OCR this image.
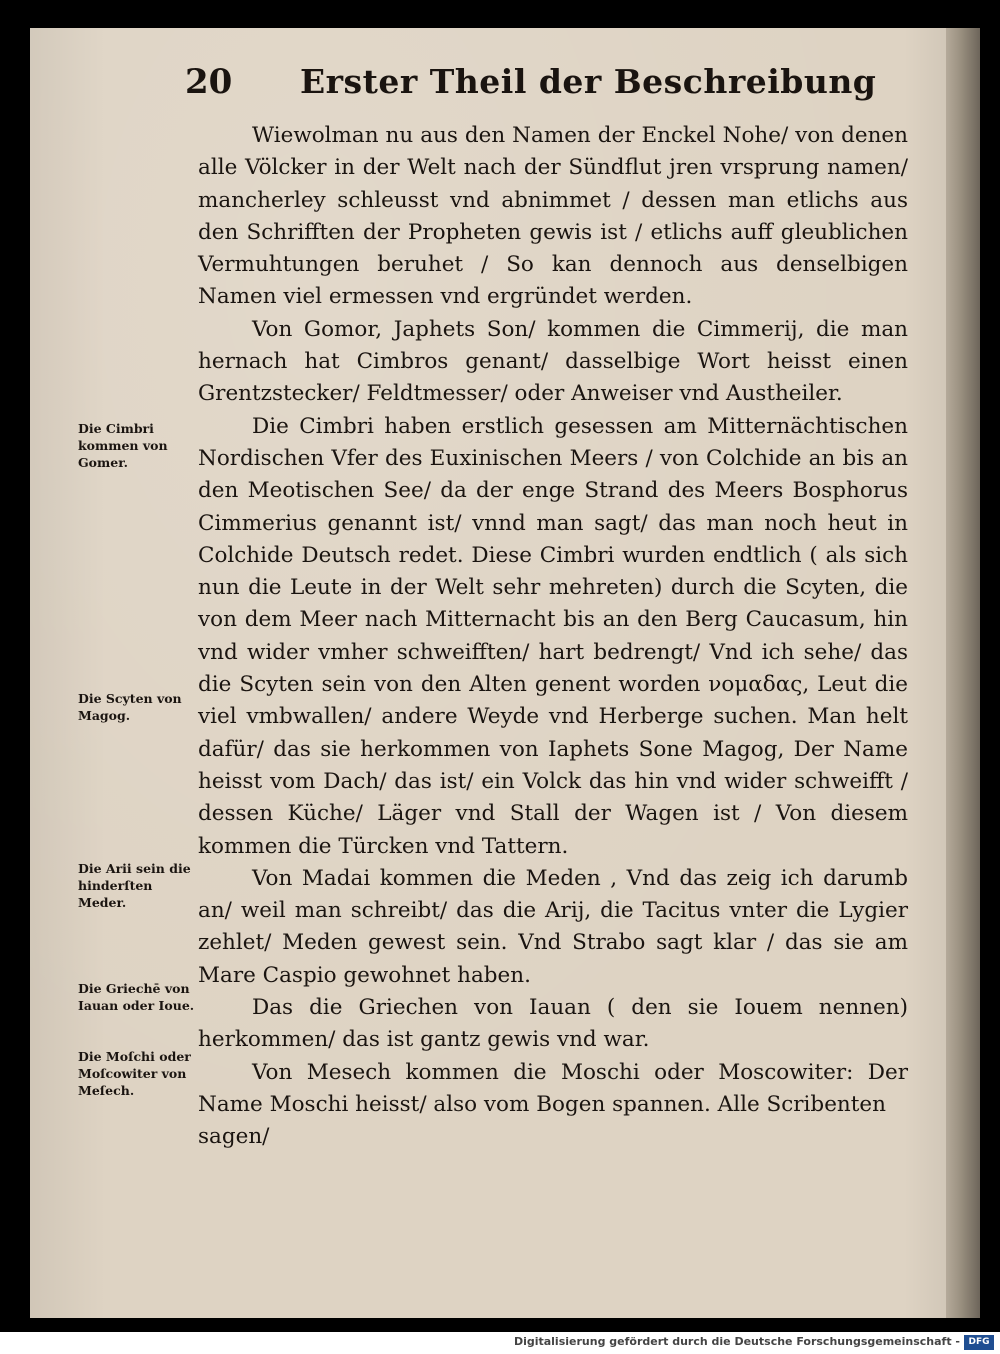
20 Erster Theil der Beschreibung

Wiewolman nu aus den Namen der Enckel Nohe/ von denen alle Völcker in der Welt nach der Sündflut jren vrsprung namen/ mancherley schleusst vnd abnimmet / dessen man etlichs aus den Schrifften der Propheten gewis ist / etlichs auff gleublichen Vermuhtungen beruhet / So kan dennoch aus denselbigen Namen viel ermessen vnd ergründet werden.

Von Gomor, Japhets Son/ kommen die Cimmerij, die man hernach hat Cimbros genant/ dasselbige Wort heisst einen Grentzstecker/ Feldtmesser/ oder Anweiser vnd Austheiler.

Die Cimbri haben erstlich gesessen am Mitternächtischen Nordischen Vfer des Euxinischen Meers / von Colchide an bis an den Meotischen See/ da der enge Strand des Meers Bosphorus Cimmerius genannt ist/ vnnd man sagt/ das man noch heut in Colchide Deutsch redet. Diese Cimbri wurden endtlich ( als sich nun die Leute in der Welt sehr mehreten) durch die Scyten, die von dem Meer nach Mitternacht bis an den Berg Caucasum, hin vnd wider vmher schweifften/ hart bedrengt/ Vnd ich sehe/ das die Scyten sein von den Alten genent worden νομαδας, Leut die viel vmbwallen/ andere Weyde vnd Herberge suchen. Man helt dafür/ das sie herkommen von Iaphets Sone Magog, Der Name heisst vom Dach/ das ist/ ein Volck das hin vnd wider schweifft / dessen Küche/ Läger vnd Stall der Wagen ist / Von diesem kommen die Türcken vnd Tattern.

Von Madai kommen die Meden , Vnd das zeig ich darumb an/ weil man schreibt/ das die Arij, die Tacitus vnter die Lygier zehlet/ Meden gewest sein. Vnd Strabo sagt klar / das sie am Mare Caspio gewohnet haben.

Das die Griechen von Iauan ( den sie Iouem nennen) herkommen/ das ist gantz gewis vnd war.

Von Mesech kommen die Moschi oder Moscowiter: Der Name Moschi heisst/ also vom Bogen spannen. Alle Scribenten

sagen/

Die Cimbri kommen von Gomer.
Die Scyten von Magog.
Die Arii sein die hinderſten Meder.
Die Griechē von Iauan oder Ioue.
Die Moſchi oder Moſcowiter von Meſech.
Digitalisierung gefördert durch die Deutsche Forschungsgemeinschaft - DFG
